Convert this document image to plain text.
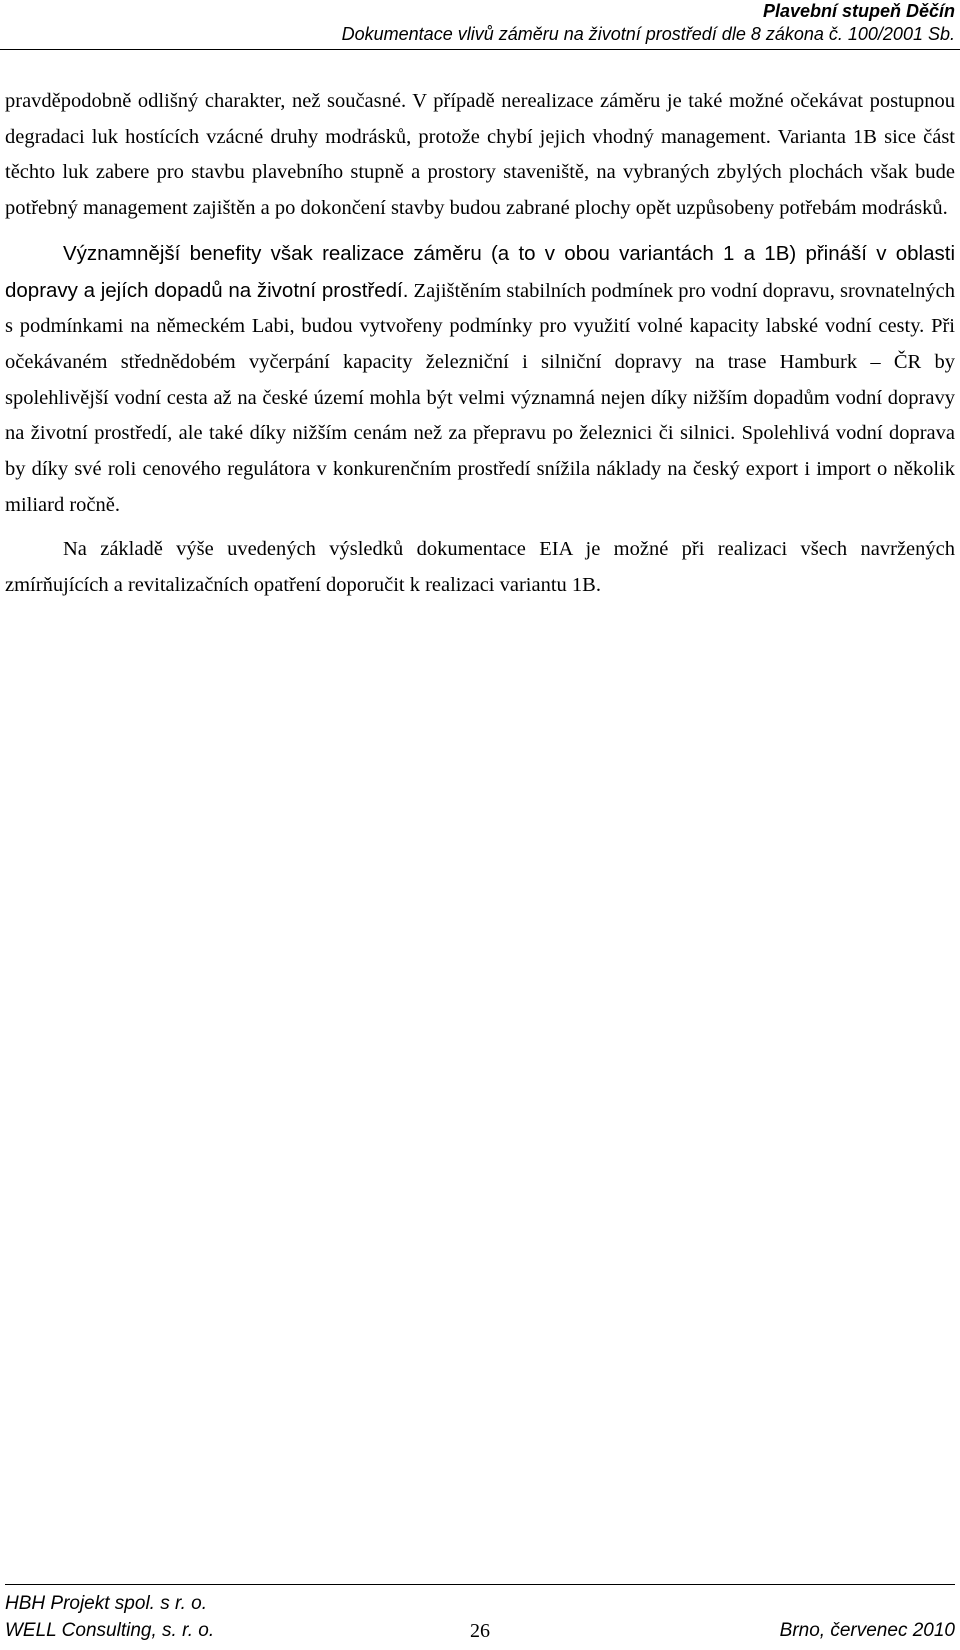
Plavební stupeň Děčín
Dokumentace vlivů záměru na životní prostředí dle 8 zákona č. 100/2001 Sb.

pravděpodobně odlišný charakter, než současné. V případě nerealizace záměru je také možné očekávat postupnou degradaci luk hostících vzácné druhy modrásků, protože chybí jejich vhodný management. Varianta 1B sice část těchto luk zabere pro stavbu plavebního stupně a prostory staveniště, na vybraných zbylých plochách však bude potřebný management zajištěn a po dokončení stavby budou zabrané plochy opět uzpůsobeny potřebám modrásků.

Významnější benefity však realizace záměru (a to v obou variantách 1 a 1B) přináší v oblasti dopravy a jejích dopadů na životní prostředí. Zajištěním stabilních podmínek pro vodní dopravu, srovnatelných s podmínkami na německém Labi, budou vytvořeny podmínky pro využití volné kapacity labské vodní cesty. Při očekávaném střednědobém vyčerpání kapacity železniční i silniční dopravy na trase Hamburk – ČR by spolehlivější vodní cesta až na české území mohla být velmi významná nejen díky nižším dopadům vodní dopravy na životní prostředí, ale také díky nižším cenám než za přepravu po železnici či silnici. Spolehlivá vodní doprava by díky své roli cenového regulátora v konkurenčním prostředí snížila náklady na český export i import o několik miliard ročně.

Na základě výše uvedených výsledků dokumentace EIA je možné při realizaci všech navržených zmírňujících a revitalizačních opatření doporučit k realizaci variantu 1B.

HBH Projekt spol. s r. o.
WELL Consulting, s. r. o.	26	Brno, červenec 2010
